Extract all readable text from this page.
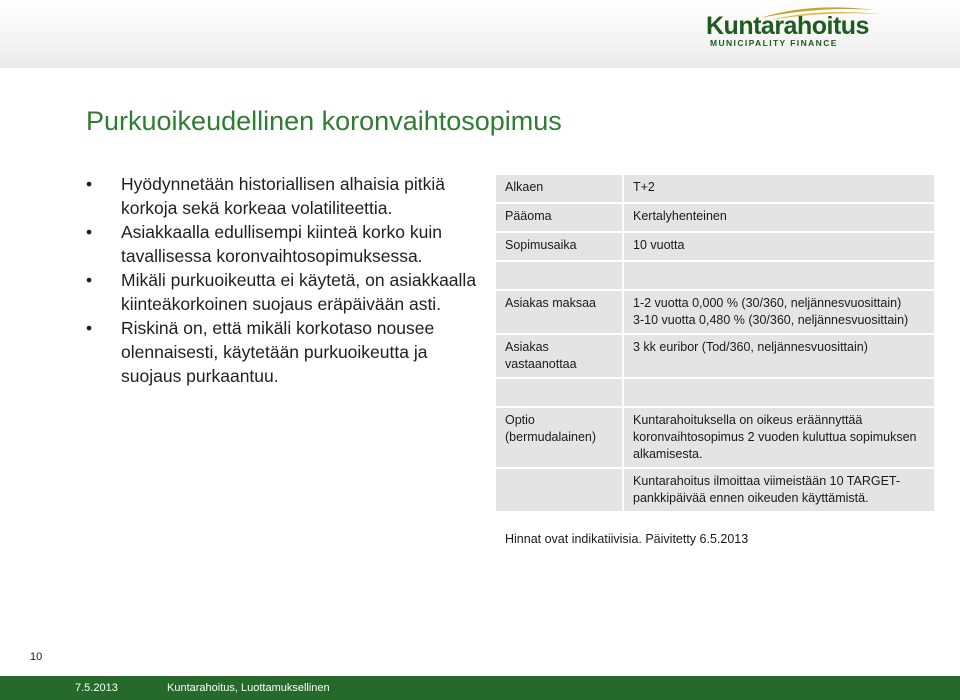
Kuntarahoitus
MUNICIPALITY FINANCE
Purkuoikeudellinen koronvaihtosopimus
• Hyödynnetään historiallisen alhaisia pitkiä korkoja sekä korkeaa volatiliteettia.
• Asiakkaalla edullisempi kiinteä korko kuin tavallisessa koronvaihtosopimuksessa.
• Mikäli purkuoikeutta ei käytetä, on asiakkaalla kiinteäkorkoinen suojaus eräpäivään asti.
• Riskinä on, että mikäli korkotaso nousee olennaisesti, käytetään purkuoikeutta ja suojaus purkaantuu.
Alkaen	T+2
Pääoma	Kertalyhenteinen
Sopimusaika	10 vuotta

Asiakas maksaa	1-2 vuotta 0,000 % (30/360, neljännesvuosittain)
3-10 vuotta 0,480 % (30/360, neljännesvuosittain)

Asiakas vastaanottaa	3 kk euribor (Tod/360, neljännesvuosittain)

Optio (bermudalainen)	Kuntarahoituksella on oikeus eräännyttää koronvaihtosopimus 2 vuoden kuluttua sopimuksen alkamisesta.
	Kuntarahoitus ilmoittaa viimeistään 10 TARGET-pankkipäivää ennen oikeuden käyttämistä.
Hinnat ovat indikatiivisia. Päivitetty 6.5.2013
10
7.5.2013	Kuntarahoitus, Luottamuksellinen
